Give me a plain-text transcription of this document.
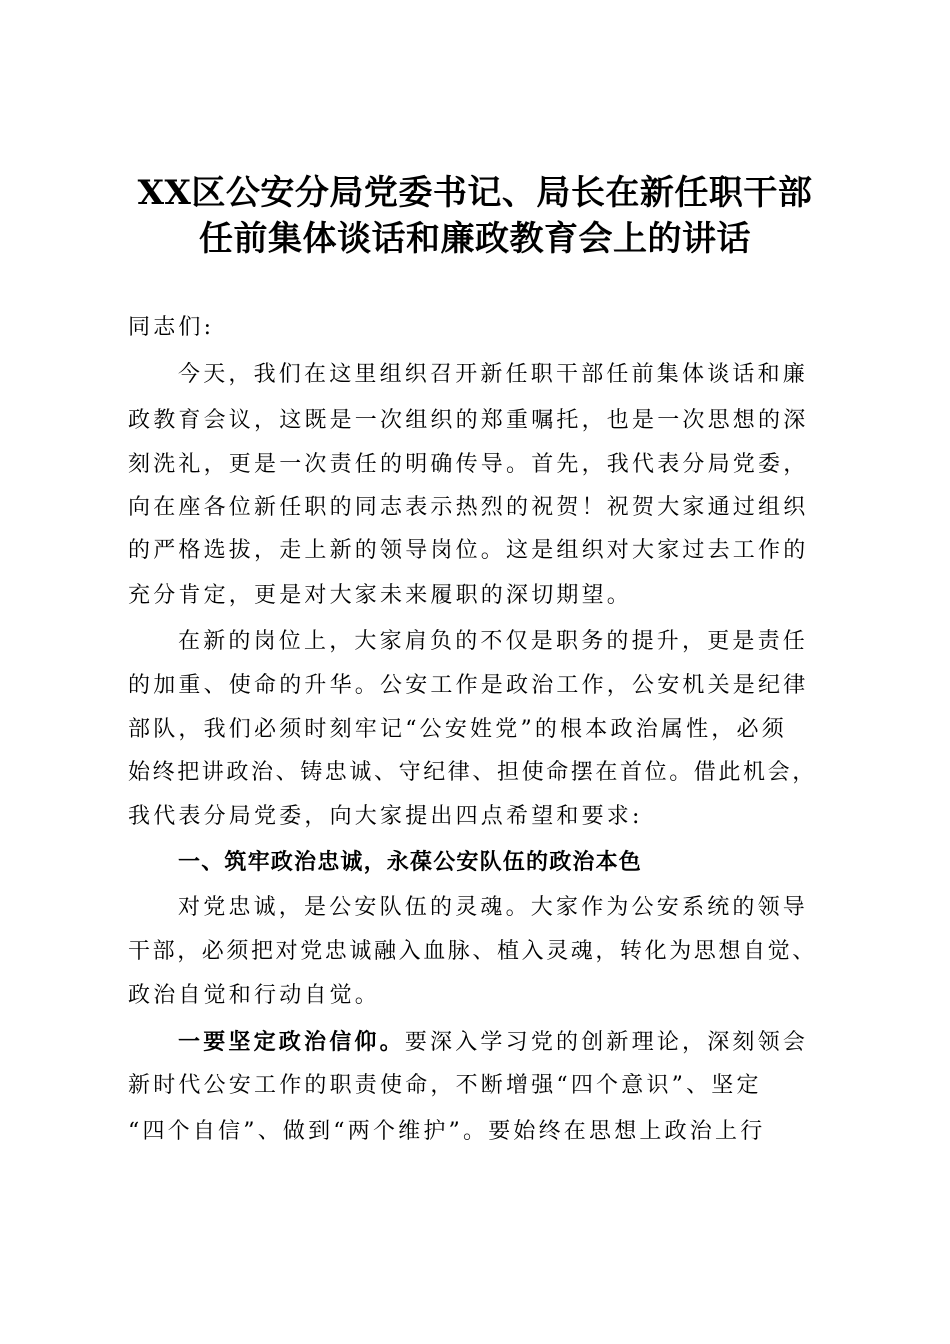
XX区公安分局党委书记、局长在新任职干部
任前集体谈话和廉政教育会上的讲话
同志们:
今天，我们在这里组织召开新任职干部任前集体谈话和廉
政教育会议，这既是一次组织的郑重嘱托，也是一次思想的深
刻洗礼，更是一次责任的明确传导。首先，我代表分局党委，
向在座各位新任职的同志表示热烈的祝贺！祝贺大家通过组织
的严格选拔，走上新的领导岗位。这是组织对大家过去工作的
充分肯定，更是对大家未来履职的深切期望。
在新的岗位上，大家肩负的不仅是职务的提升，更是责任
的加重、使命的升华。公安工作是政治工作，公安机关是纪律
部队，我们必须时刻牢记“公安姓党”的根本政治属性，必须
始终把讲政治、铸忠诚、守纪律、担使命摆在首位。借此机会，
我代表分局党委，向大家提出四点希望和要求:
一、筑牢政治忠诚，永葆公安队伍的政治本色
对党忠诚，是公安队伍的灵魂。大家作为公安系统的领导
干部，必须把对党忠诚融入血脉、植入灵魂，转化为思想自觉、
政治自觉和行动自觉。
一要坚定政治信仰。要深入学习党的创新理论，深刻领会
新时代公安工作的职责使命，不断增强“四个意识”、坚定
“四个自信”、做到“两个维护”。要始终在思想上政治上行
